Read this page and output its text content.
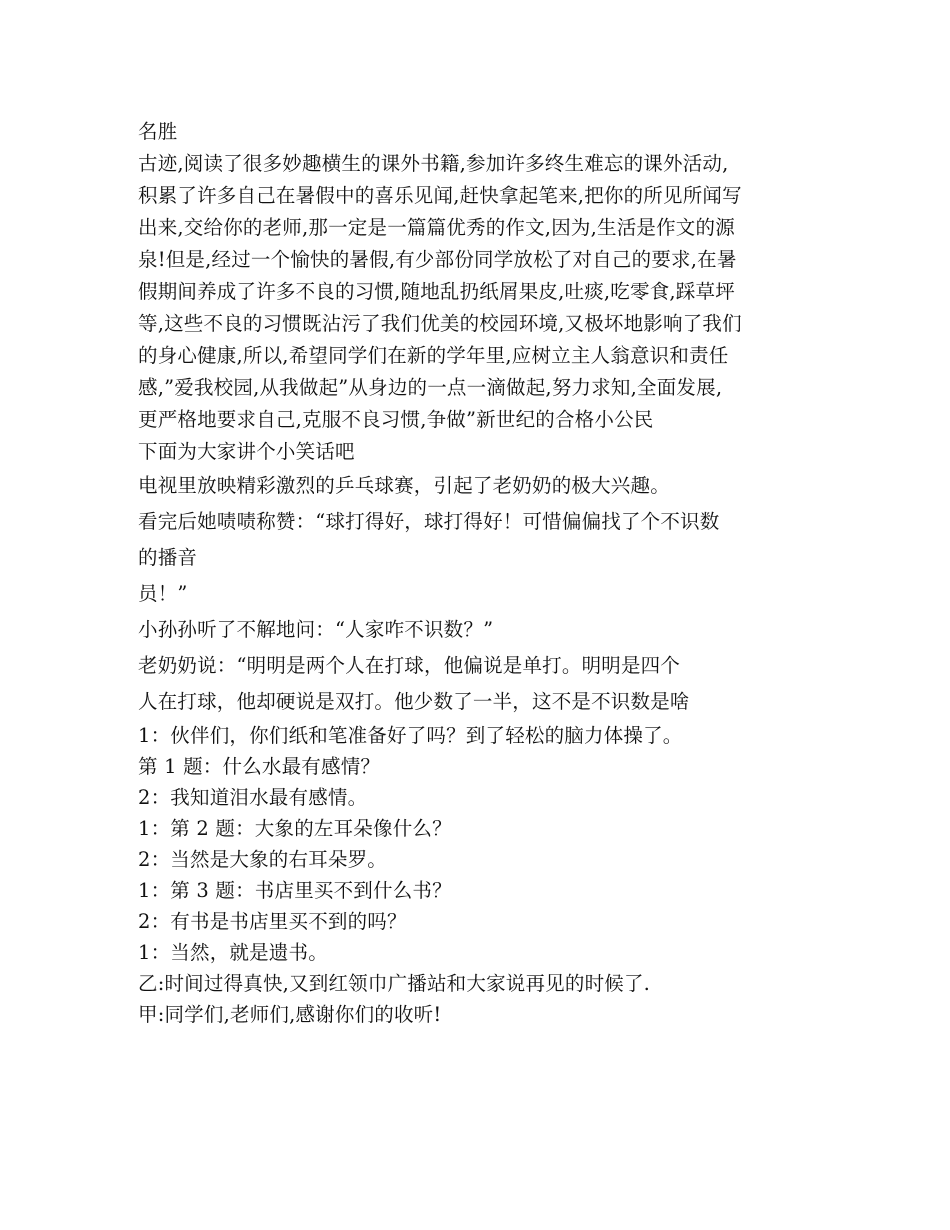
名胜
古迹,阅读了很多妙趣横生的课外书籍,参加许多终生难忘的课外活动,
积累了许多自己在暑假中的喜乐见闻,赶快拿起笔来,把你的所见所闻写
出来,交给你的老师,那一定是一篇篇优秀的作文,因为,生活是作文的源
泉!但是,经过一个愉快的暑假,有少部份同学放松了对自己的要求,在暑
假期间养成了许多不良的习惯,随地乱扔纸屑果皮,吐痰,吃零食,踩草坪
等,这些不良的习惯既沾污了我们优美的校园环境,又极坏地影响了我们
的身心健康,所以,希望同学们在新的学年里,应树立主人翁意识和责任
感,”爱我校园,从我做起”从身边的一点一滴做起,努力求知,全面发展,
更严格地要求自己,克服不良习惯,争做”新世纪的合格小公民
下面为大家讲个小笑话吧
电视里放映精彩激烈的乒乓球赛，引起了老奶奶的极大兴趣。
看完后她啧啧称赞：“球打得好，球打得好！可惜偏偏找了个不识数
的播音
员！”
小孙孙听了不解地问：“人家咋不识数？”
老奶奶说：“明明是两个人在打球，他偏说是单打。明明是四个
人在打球，他却硬说是双打。他少数了一半，这不是不识数是啥
1：伙伴们，你们纸和笔准备好了吗？到了轻松的脑力体操了。
第 1 题：什么水最有感情？
2：我知道泪水最有感情。
1：第 2 题：大象的左耳朵像什么？
2：当然是大象的右耳朵罗。
1：第 3 题：书店里买不到什么书？
2：有书是书店里买不到的吗？
1：当然，就是遗书。
乙:时间过得真快,又到红领巾广播站和大家说再见的时候了.
甲:同学们,老师们,感谢你们的收听!
